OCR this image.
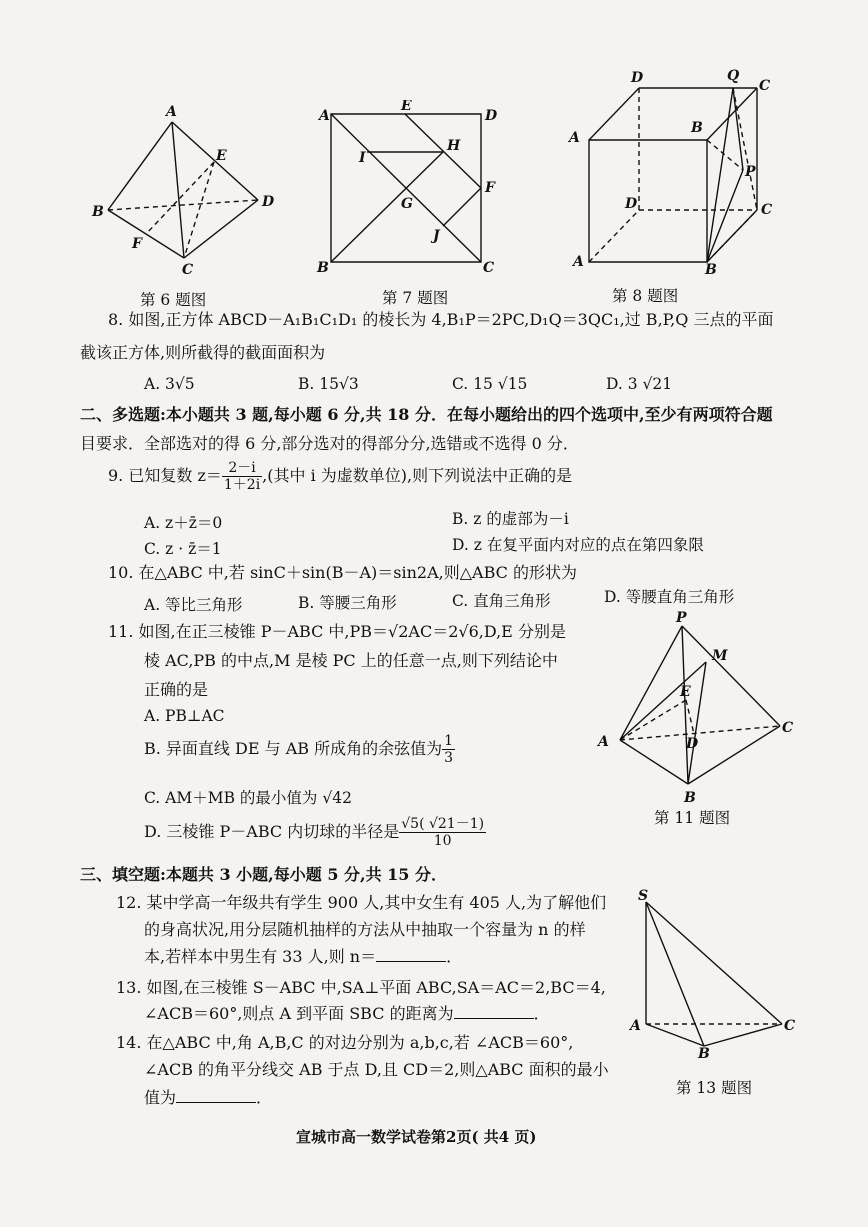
A
B
C
D
E
F
第 6 题图
A
B	C
D
E
F
G
H
I
J
第 7 题图
D	Q
C
A
B
P
D	C
A	B
第 8 题图
8. 如图,正方体 ABCD－A₁B₁C₁D₁ 的棱长为 4,B₁P＝2PC,D₁Q＝3QC₁,过 B,P,Q 三点的平面
截该正方体,则所截得的截面面积为
A. 3√5	B. 15√3	C. 15 √15	D. 3 √21
二、多选题:本小题共 3 题,每小题 6 分,共 18 分．在每小题给出的四个选项中,至少有两项符合题
目要求．全部选对的得 6 分,部分选对的得部分分,选错或不选得 0 分．
9. 已知复数 $z= \frac{2-i}{1+2i}$ ,(其中 i 为虚数单位),则下列说法中正确的是
A. z＋z̄＝0	B. z 的虚部为－i
C. z · z̄＝1	D. z 在复平面内对应的点在第四象限
10. 在△ABC 中,若 sinC＋sin(B－A)＝sin2A,则△ABC 的形状为
A. 等比三角形	B. 等腰三角形	C. 直角三角形	D. 等腰直角三角形
11. 如图,在正三棱锥 P－ABC 中,PB＝√2AC＝2√6,D,E 分别是
棱 AC,PB 的中点,M 是棱 PC 上的任意一点,则下列结论中
正确的是
A. PB⊥AC
B. 异面直线 DE 与 AB 所成角的余弦值为 $\frac{1}{3}$
C. AM＋MB 的最小值为 √42
D. 三棱锥 P－ABC 内切球的半径是 $\frac{√5( √21-1)}{10}$
P
M
E
A	D
C
B
第 11 题图
三、填空题:本题共 3 小题,每小题 5 分,共 15 分．
12. 某中学高一年级共有学生 900 人,其中女生有 405 人,为了解他们
的身高状况,用分层随机抽样的方法从中抽取一个容量为 n 的样
本,若样本中男生有 33 人,则 n＝	．
13. 如图,在三棱锥 S－ABC 中,SA⊥平面 ABC,SA＝AC＝2,BC＝4,
∠ACB＝60°,则点 A 到平面 SBC 的距离为	．
14. 在△ABC 中,角 A,B,C 的对边分别为 a,b,c,若 ∠ACB＝60°,
∠ACB 的角平分线交 AB 于点 D,且 CD＝2,则△ABC 面积的最小
值为	．
S
A	C
B
第 13 题图
宣城市高一数学试卷第2页( 共4 页)
